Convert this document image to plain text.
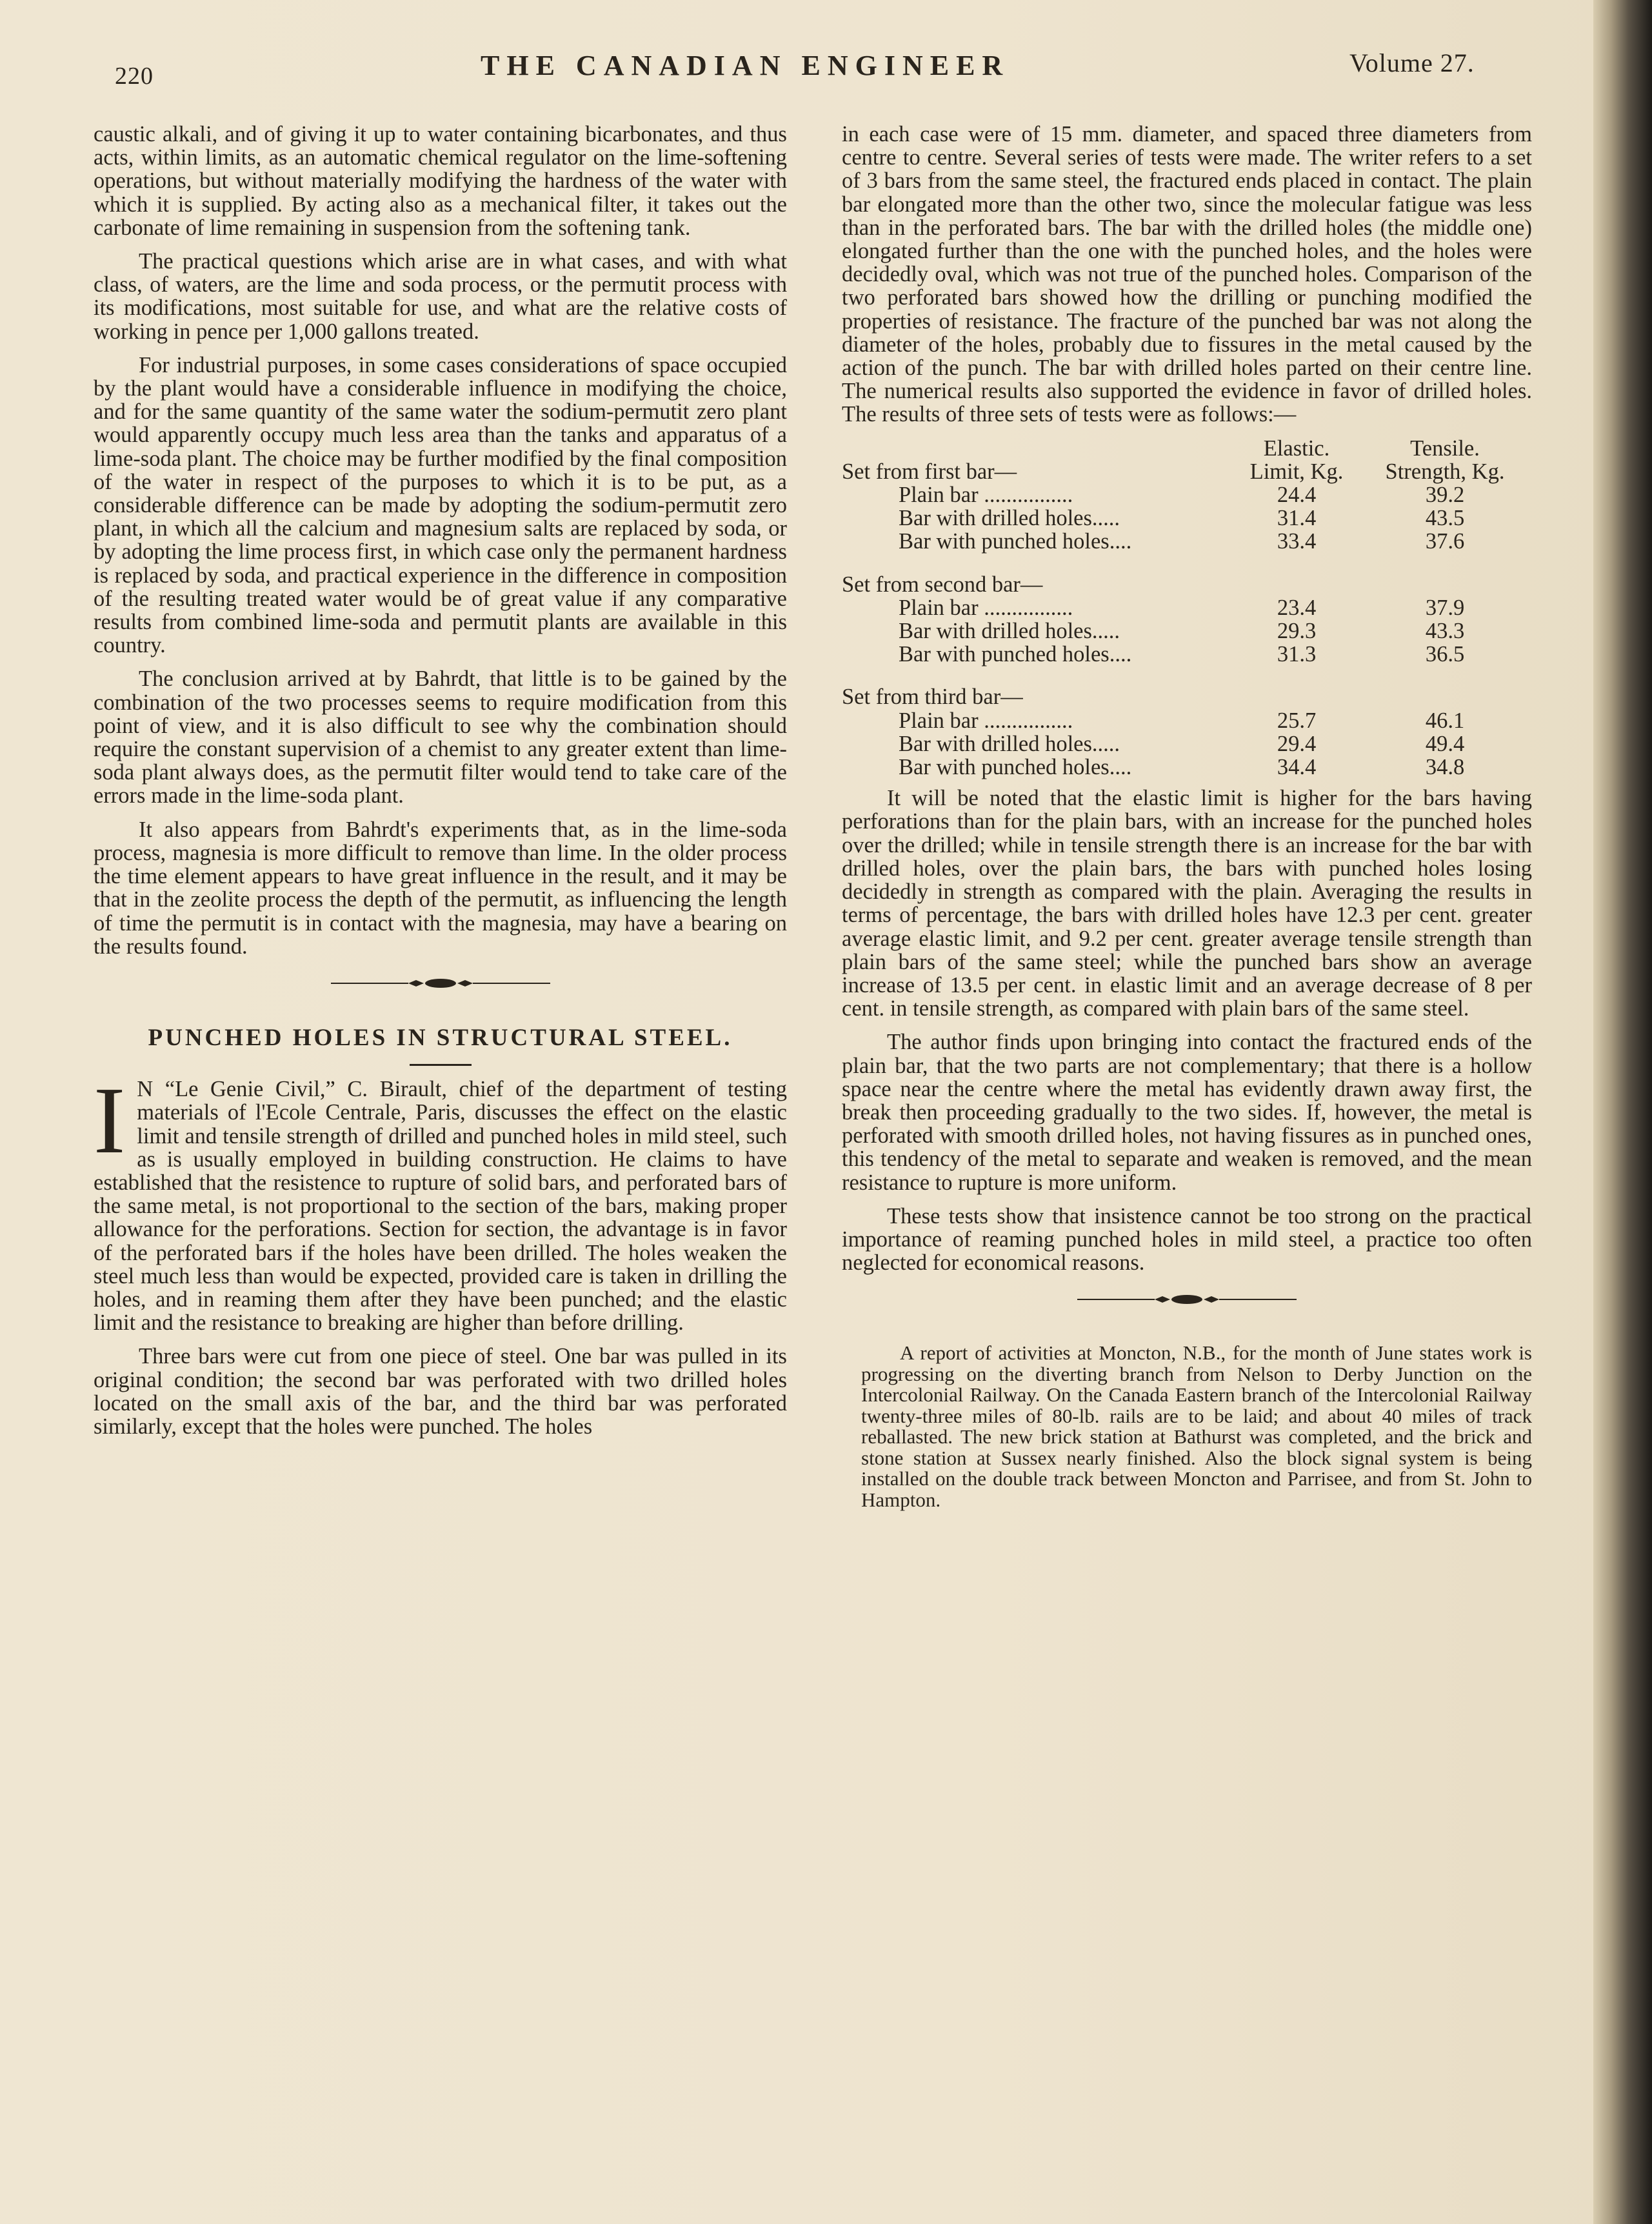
220	THE CANADIAN ENGINEER	Volume 27.

caustic alkali, and of giving it up to water containing bicarbonates, and thus acts, within limits, as an automatic chemical regulator on the lime-softening operations, but without materially modifying the hardness of the water with which it is supplied. By acting also as a mechanical filter, it takes out the carbonate of lime remaining in suspension from the softening tank.

The practical questions which arise are in what cases, and with what class, of waters, are the lime and soda process, or the permutit process with its modifications, most suitable for use, and what are the relative costs of working in pence per 1,000 gallons treated.

For industrial purposes, in some cases considerations of space occupied by the plant would have a considerable influence in modifying the choice, and for the same quantity of the same water the sodium-permutit zero plant would apparently occupy much less area than the tanks and apparatus of a lime-soda plant. The choice may be further modified by the final composition of the water in respect of the purposes to which it is to be put, as a considerable difference can be made by adopting the sodium-permutit zero plant, in which all the calcium and magnesium salts are replaced by soda, or by adopting the lime process first, in which case only the permanent hardness is replaced by soda, and practical experience in the difference in composition of the resulting treated water would be of great value if any comparative results from combined lime-soda and permutit plants are available in this country.

The conclusion arrived at by Bahrdt, that little is to be gained by the combination of the two processes seems to require modification from this point of view, and it is also difficult to see why the combination should require the constant supervision of a chemist to any greater extent than lime-soda plant always does, as the permutit filter would tend to take care of the errors made in the lime-soda plant.

It also appears from Bahrdt's experiments that, as in the lime-soda process, magnesia is more difficult to remove than lime. In the older process the time element appears to have great influence in the result, and it may be that in the zeolite process the depth of the permutit, as influencing the length of time the permutit is in contact with the magnesia, may have a bearing on the results found.

PUNCHED HOLES IN STRUCTURAL STEEL.

I N “Le Genie Civil,” C. Birault, chief of the department of testing materials of l'Ecole Centrale, Paris, discusses the effect on the elastic limit and tensile strength of drilled and punched holes in mild steel, such as is usually employed in building construction. He claims to have established that the resistence to rupture of solid bars, and perforated bars of the same metal, is not proportional to the section of the bars, making proper allowance for the perforations. Section for section, the advantage is in favor of the perforated bars if the holes have been drilled. The holes weaken the steel much less than would be expected, provided care is taken in drilling the holes, and in reaming them after they have been punched; and the elastic limit and the resistance to breaking are higher than before drilling.

Three bars were cut from one piece of steel. One bar was pulled in its original condition; the second bar was perforated with two drilled holes located on the small axis of the bar, and the third bar was perforated similarly, except that the holes were punched. The holes

in each case were of 15 mm. diameter, and spaced three diameters from centre to centre. Several series of tests were made. The writer refers to a set of 3 bars from the same steel, the fractured ends placed in contact. The plain bar elongated more than the other two, since the molecular fatigue was less than in the perforated bars. The bar with the drilled holes (the middle one) elongated further than the one with the punched holes, and the holes were decidedly oval, which was not true of the punched holes. Comparison of the two perforated bars showed how the drilling or punching modified the properties of resistance. The fracture of the punched bar was not along the diameter of the holes, probably due to fissures in the metal caused by the action of the punch. The bar with drilled holes parted on their centre line. The numerical results also supported the evidence in favor of drilled holes. The results of three sets of tests were as follows:—

	Elastic.	Tensile.
Set from first bar—	Limit, Kg.	Strength, Kg.
Plain bar ................	24.4	39.2
Bar with drilled holes.....	31.4	43.5
Bar with punched holes....	33.4	37.6

Set from second bar—		
Plain bar ................	23.4	37.9
Bar with drilled holes.....	29.3	43.3
Bar with punched holes....	31.3	36.5

Set from third bar—		
Plain bar ................	25.7	46.1
Bar with drilled holes.....	29.4	49.4
Bar with punched holes....	34.4	34.8

It will be noted that the elastic limit is higher for the bars having perforations than for the plain bars, with an increase for the punched holes over the drilled; while in tensile strength there is an increase for the bar with drilled holes, over the plain bars, the bars with punched holes losing decidedly in strength as compared with the plain. Averaging the results in terms of percentage, the bars with drilled holes have 12.3 per cent. greater average elastic limit, and 9.2 per cent. greater average tensile strength than plain bars of the same steel; while the punched bars show an average increase of 13.5 per cent. in elastic limit and an average decrease of 8 per cent. in tensile strength, as compared with plain bars of the same steel.

The author finds upon bringing into contact the fractured ends of the plain bar, that the two parts are not complementary; that there is a hollow space near the centre where the metal has evidently drawn away first, the break then proceeding gradually to the two sides. If, however, the metal is perforated with smooth drilled holes, not having fissures as in punched ones, this tendency of the metal to separate and weaken is removed, and the mean resistance to rupture is more uniform.

These tests show that insistence cannot be too strong on the practical importance of reaming punched holes in mild steel, a practice too often neglected for economical reasons.

A report of activities at Moncton, N.B., for the month of June states work is progressing on the diverting branch from Nelson to Derby Junction on the Intercolonial Railway. On the Canada Eastern branch of the Intercolonial Railway twenty-three miles of 80-lb. rails are to be laid; and about 40 miles of track reballasted. The new brick station at Bathurst was completed, and the brick and stone station at Sussex nearly finished. Also the block signal system is being installed on the double track between Moncton and Parrisee, and from St. John to Hampton.
